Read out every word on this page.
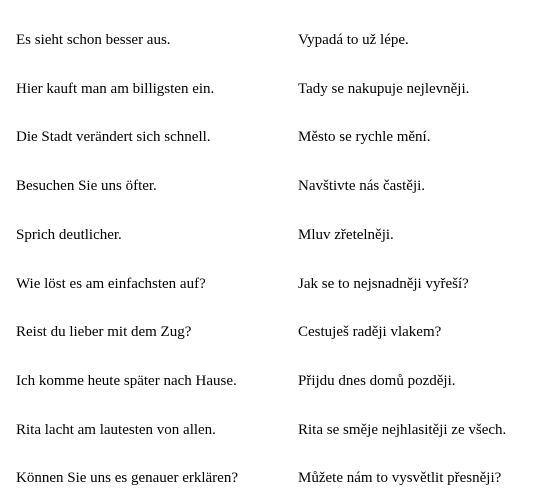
Es sieht schon besser aus.	Vypadá to už lépe.
Hier kauft man am billigsten ein.	Tady se nakupuje nejlevněji.
Die Stadt verändert sich schnell.	Město se rychle mění.
Besuchen Sie uns öfter.	Navštivte nás častěji.
Sprich deutlicher.	Mluv zřetelněji.
Wie löst es am einfachsten auf?	Jak se to nejsnadněji vyřeší?
Reist du lieber mit dem Zug?	Cestuješ raději vlakem?
Ich komme heute später nach Hause.	Přijdu dnes domů později.
Rita lacht am lautesten von allen.	Rita se směje nejhlasitěji ze všech.
Können Sie uns es genauer erklären?	Můžete nám to vysvětlit přesněji?
